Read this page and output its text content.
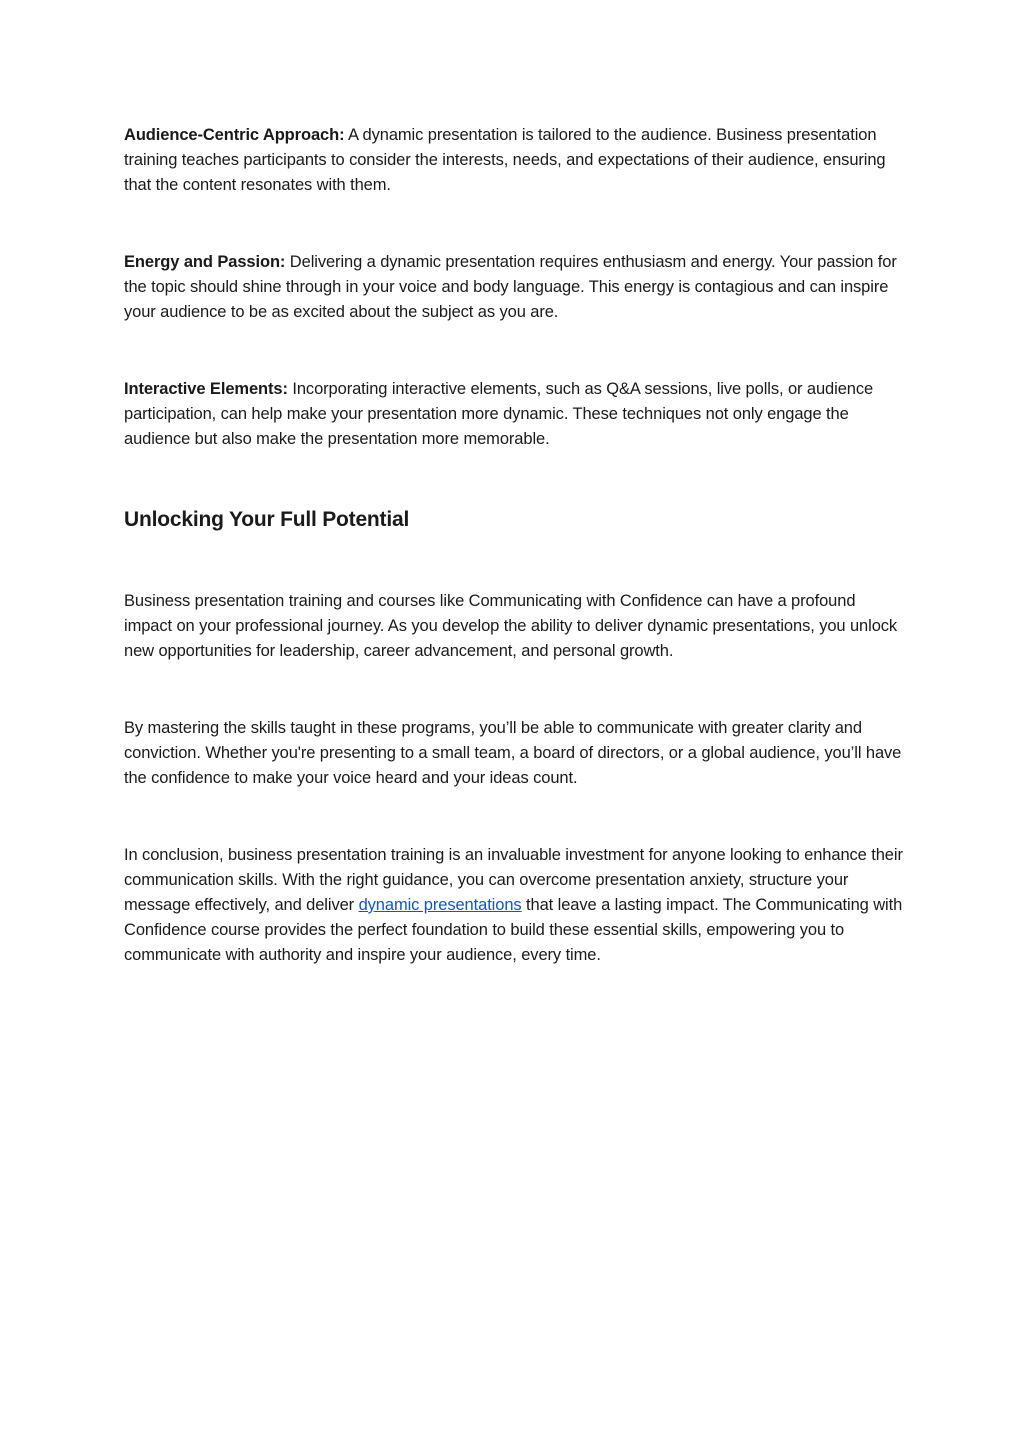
Audience-Centric Approach: A dynamic presentation is tailored to the audience. Business presentation training teaches participants to consider the interests, needs, and expectations of their audience, ensuring that the content resonates with them.

Energy and Passion: Delivering a dynamic presentation requires enthusiasm and energy. Your passion for the topic should shine through in your voice and body language. This energy is contagious and can inspire your audience to be as excited about the subject as you are.

Interactive Elements: Incorporating interactive elements, such as Q&A sessions, live polls, or audience participation, can help make your presentation more dynamic. These techniques not only engage the audience but also make the presentation more memorable.

Unlocking Your Full Potential

Business presentation training and courses like Communicating with Confidence can have a profound impact on your professional journey. As you develop the ability to deliver dynamic presentations, you unlock new opportunities for leadership, career advancement, and personal growth.

By mastering the skills taught in these programs, you’ll be able to communicate with greater clarity and conviction. Whether you're presenting to a small team, a board of directors, or a global audience, you’ll have the confidence to make your voice heard and your ideas count.

In conclusion, business presentation training is an invaluable investment for anyone looking to enhance their communication skills. With the right guidance, you can overcome presentation anxiety, structure your message effectively, and deliver dynamic presentations that leave a lasting impact. The Communicating with Confidence course provides the perfect foundation to build these essential skills, empowering you to communicate with authority and inspire your audience, every time.
